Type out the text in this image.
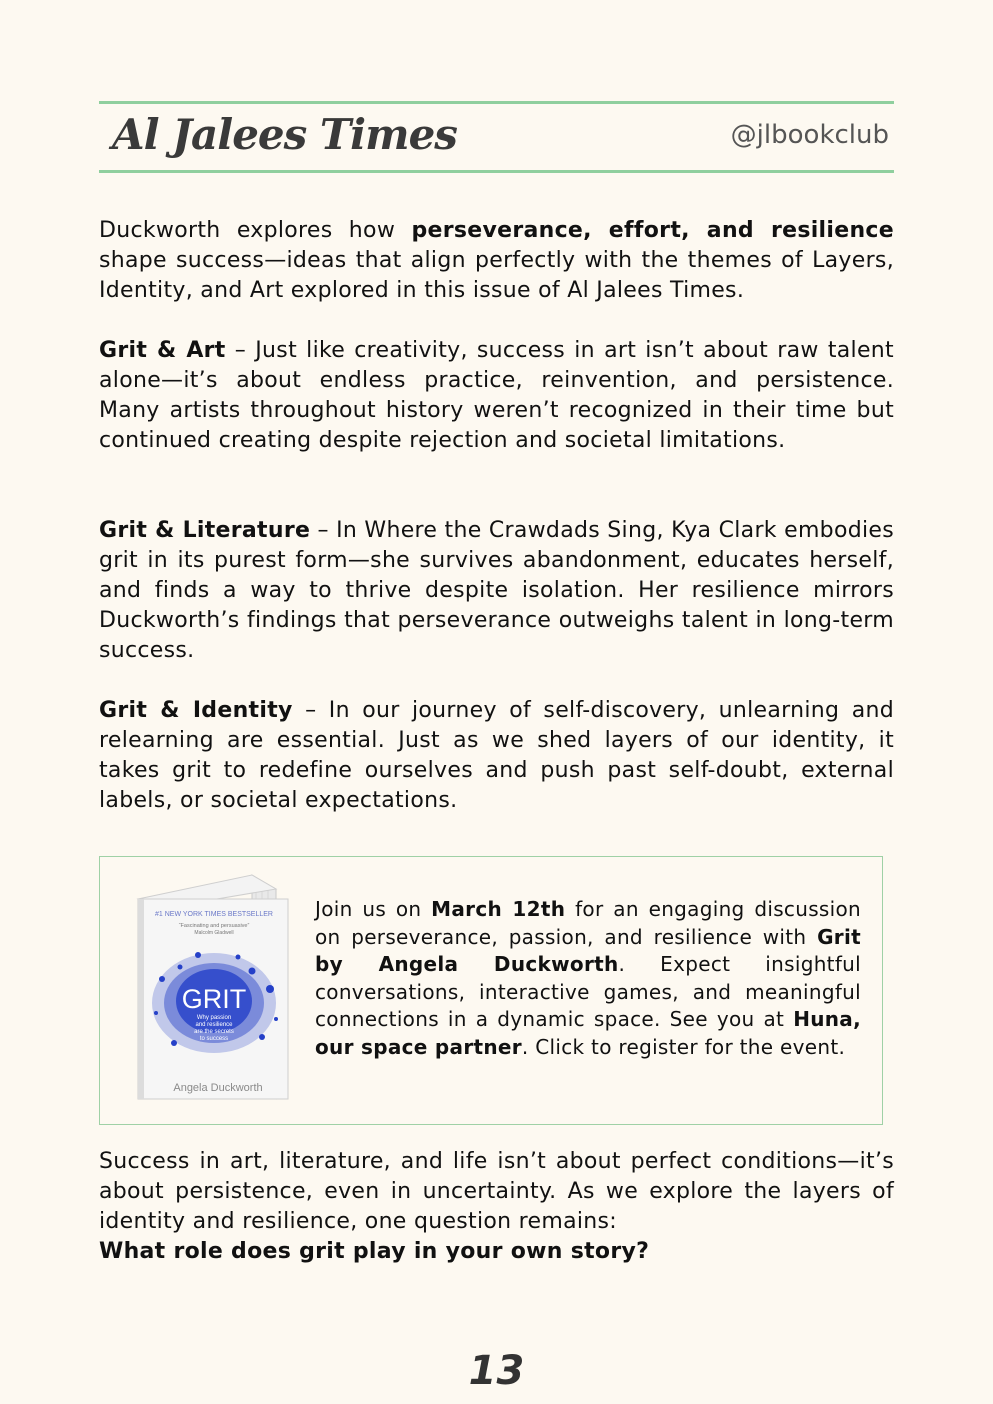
Al Jalees Times	@jlbookclub
Duckworth explores how perseverance, effort, and resilience shape success—ideas that align perfectly with the themes of Layers, Identity, and Art explored in this issue of Al Jalees Times.
Grit & Art – Just like creativity, success in art isn’t about raw talent alone—it’s about endless practice, reinvention, and persistence. Many artists throughout history weren’t recognized in their time but continued creating despite rejection and societal limitations.
Grit & Literature – In Where the Crawdads Sing, Kya Clark embodies grit in its purest form—she survives abandonment, educates herself, and finds a way to thrive despite isolation. Her resilience mirrors Duckworth’s findings that perseverance outweighs talent in long-term success.
Grit & Identity – In our journey of self-discovery, unlearning and relearning are essential. Just as we shed layers of our identity, it takes grit to redefine ourselves and push past self-doubt, external labels, or societal expectations.
#1 NEW YORK TIMES BESTSELLER
“Fascinating and persuasive”
Malcolm Gladwell
GRIT
Why passion
and resilience
are the secrets
to success
Angela Duckworth
Join us on March 12th for an engaging discussion on perseverance, passion, and resilience with Grit by Angela Duckworth. Expect insightful conversations, interactive games, and meaningful connections in a dynamic space. See you at Huna, our space partner. Click to register for the event.
Success in art, literature, and life isn’t about perfect conditions—it’s about persistence, even in uncertainty. As we explore the layers of identity and resilience, one question remains:
What role does grit play in your own story?
13
